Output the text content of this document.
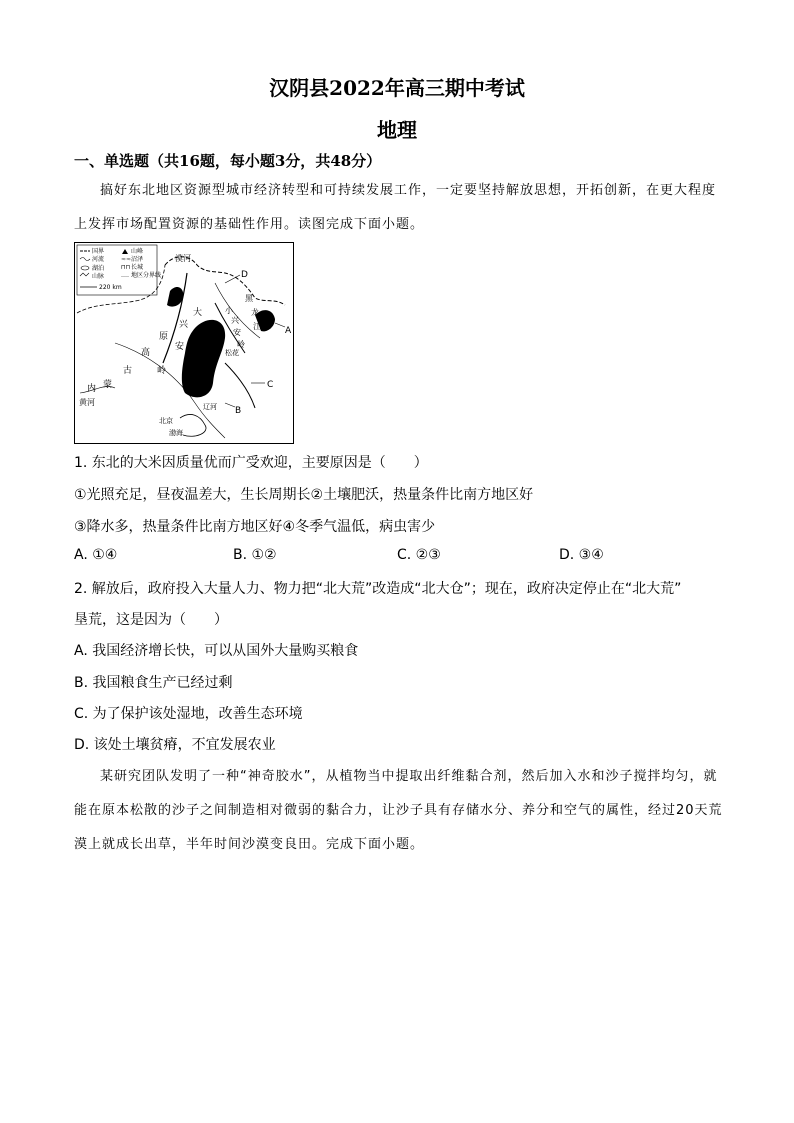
汉阴县2022年高三期中考试
地理
一、单选题（共16题，每小题3分，共48分）
搞好东北地区资源型城市经济转型和可持续发展工作，一定要坚持解放思想，开拓创新，在更大程度上发挥市场配置资源的基础性作用。读图完成下面小题。
国界
河流
湖泊
山脉
山峰
≈≈ 沼泽
⊓⊓ 长城
‥‥ 地区分界线
220 km
漠河
大
兴
安
岭
小
兴
安
岭
黑
龙
江
松花
高
原
古
蒙
内
黄河
北京
渤海
辽河
D
A
B
C
1. 东北的大米因质量优而广受欢迎，主要原因是（　　）
①光照充足，昼夜温差大，生长周期长②土壤肥沃，热量条件比南方地区好
③降水多，热量条件比南方地区好④冬季气温低，病虫害少
A. ①④	B. ①②	C. ②③	D. ③④
2. 解放后，政府投入大量人力、物力把“北大荒”改造成“北大仓”；现在，政府决定停止在“北大荒”
垦荒，这是因为（　　）
A. 我国经济增长快，可以从国外大量购买粮食
B. 我国粮食生产已经过剩
C. 为了保护该处湿地，改善生态环境
D. 该处土壤贫瘠，不宜发展农业
某研究团队发明了一种“神奇胶水”，从植物当中提取出纤维黏合剂，然后加入水和沙子搅拌均匀，就能在原本松散的沙子之间制造相对微弱的黏合力，让沙子具有存储水分、养分和空气的属性，经过20天荒漠上就成长出草，半年时间沙漠变良田。完成下面小题。
